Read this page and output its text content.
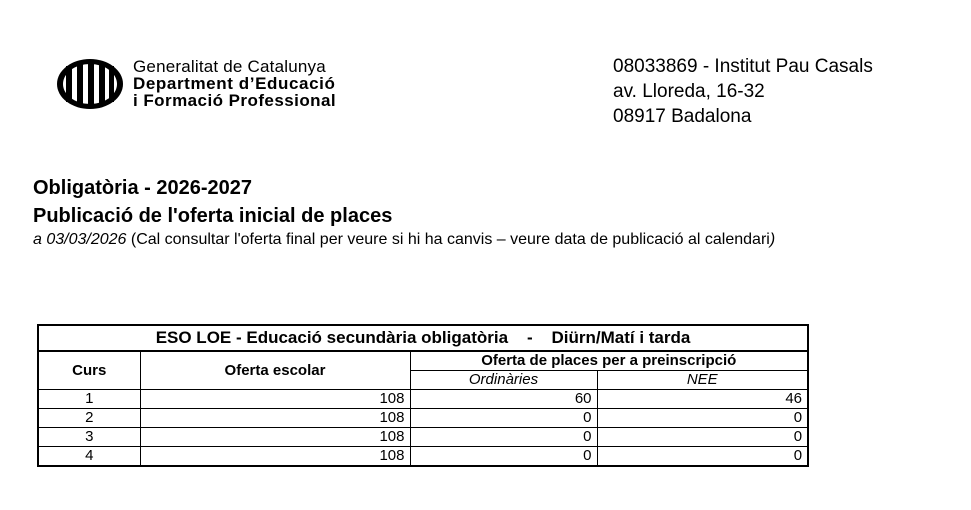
Generalitat de Catalunya
Department d’Educació
i Formació Professional
08033869 - Institut Pau Casals
av. Lloreda, 16-32
08917 Badalona
Obligatòria - 2026-2027
Publicació de l'oferta inicial de places
a 03/03/2026 (Cal consultar l'oferta final per veure si hi ha canvis – veure data de publicació al calendari)
ESO LOE - Educació secundària obligatòria    -    Diürn/Matí i tarda			
Curs	Oferta escolar	Oferta de places per a preinscripció	
		Ordinàries	NEE
1	108	60	46
2	108	0	0
3	108	0	0
4	108	0	0
